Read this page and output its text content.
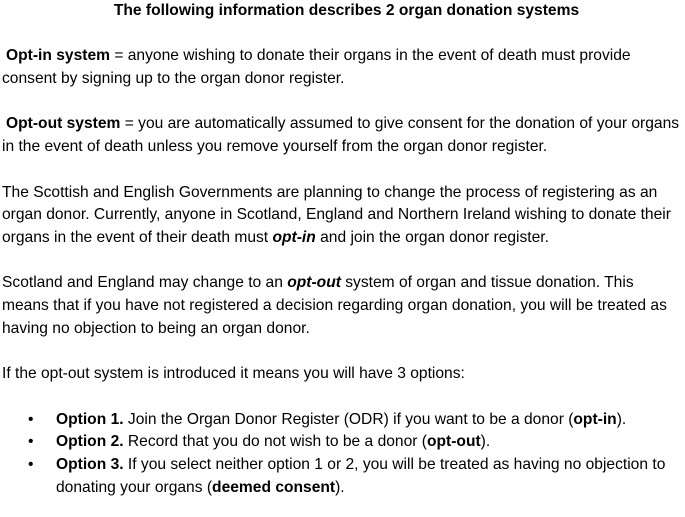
The following information describes 2 organ donation systems

Opt-in system = anyone wishing to donate their organs in the event of death must provide consent by signing up to the organ donor register.

Opt-out system = you are automatically assumed to give consent for the donation of your organs in the event of death unless you remove yourself from the organ donor register.

The Scottish and English Governments are planning to change the process of registering as an organ donor. Currently, anyone in Scotland, England and Northern Ireland wishing to donate their organs in the event of their death must opt-in and join the organ donor register.

Scotland and England may change to an opt-out system of organ and tissue donation. This means that if you have not registered a decision regarding organ donation, you will be treated as having no objection to being an organ donor.

If the opt-out system is introduced it means you will have 3 options:

• Option 1. Join the Organ Donor Register (ODR) if you want to be a donor (opt-in).
• Option 2. Record that you do not wish to be a donor (opt-out).
• Option 3. If you select neither option 1 or 2, you will be treated as having no objection to donating your organs (deemed consent).
